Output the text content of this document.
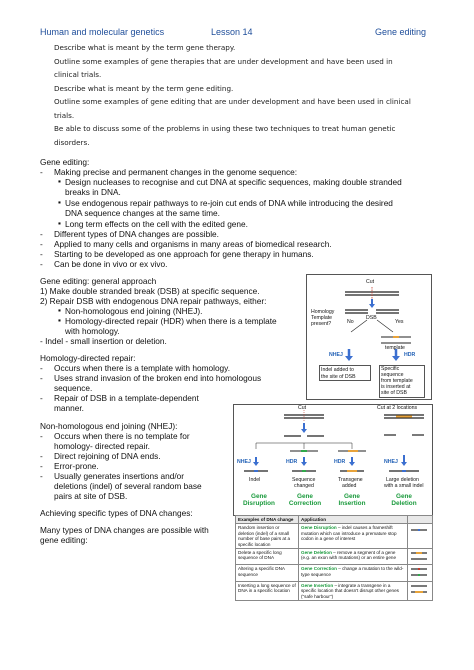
Human and molecular genetics	Lesson 14	Gene editing
Describe what is meant by the term gene therapy.
Outline some examples of gene therapies that are under development and have been used in
clinical trials.
Describe what is meant by the term gene editing.
Outline some examples of gene editing that are under development and have been used in clinical
trials.
Be able to discuss some of the problems in using these two techniques to treat human genetic
disorders.
Gene editing:
- Making precise and permanent changes in the genome sequence:
▪ Design nucleases to recognise and cut DNA at specific sequences, making double stranded
breaks in DNA.
▪ Use endogenous repair pathways to re-join cut ends of DNA while introducing the desired
DNA sequence changes at the same time.
▪ Long term effects on the cell with the edited gene.
- Different types of DNA changes are possible.
- Applied to many cells and organisms in many areas of biomedical research.
- Starting to be developed as one approach for gene therapy in humans.
- Can be done in vivo or ex vivo.
Gene editing: general approach
1) Make double stranded break (DSB) at specific sequence.
2) Repair DSB with endogenous DNA repair pathways, either:
▪ Non-homologous end joining (NHEJ).
▪ Homology-directed repair (HDR) when there is a template
with homology.
- Indel - small insertion or deletion.
Homology-directed repair:
- Occurs when there is a template with homology.
- Uses strand invasion of the broken end into homologous
sequence.
- Repair of DSB in a template-dependent
manner.
Non-homologous end joining (NHEJ):
- Occurs when there is no template for
homology- directed repair.
- Direct rejoining of DNA ends.
- Error-prone.
- Usually generates insertions and/or
deletions (indel) of several random base
pairs at site of DSB.
Achieving specific types of DNA changes:
Many types of DNA changes are possible with
gene editing:
Cut
DSB
Homology
Template
present?	No	Yes
template
NHEJ	HDR
Indel added to
the site of DSB
Specific
sequence
from template
is inserted at
site of DSB
Cut	Cut at 2 locations
NHEJ	HDR	HDR	NHEJ
Indel	Sequence
changed
Transgene
added
Large deletion
with a small indel
Gene
Disruption
Gene
Correction
Gene
Insertion
Gene
Deletion
Examples of DNA change	Application	
Random insertion or deletion (indel) of a small number of base pairs at a specific location	Gene Disruption – indel causes a frameshift mutation which can introduce a premature stop codon in a gene of interest	
Delete a specific long sequence of DNA	Gene Deletion – remove a segment of a gene (e.g. an exon with mutations) or an entire gene	
Altering a specific DNA sequence	Gene Correction – change a mutation to the wild-type sequence	
Inserting a long sequence of DNA in a specific location	Gene Insertion – integrate a transgene in a specific location that doesn't disrupt other genes ("safe harbour")	
